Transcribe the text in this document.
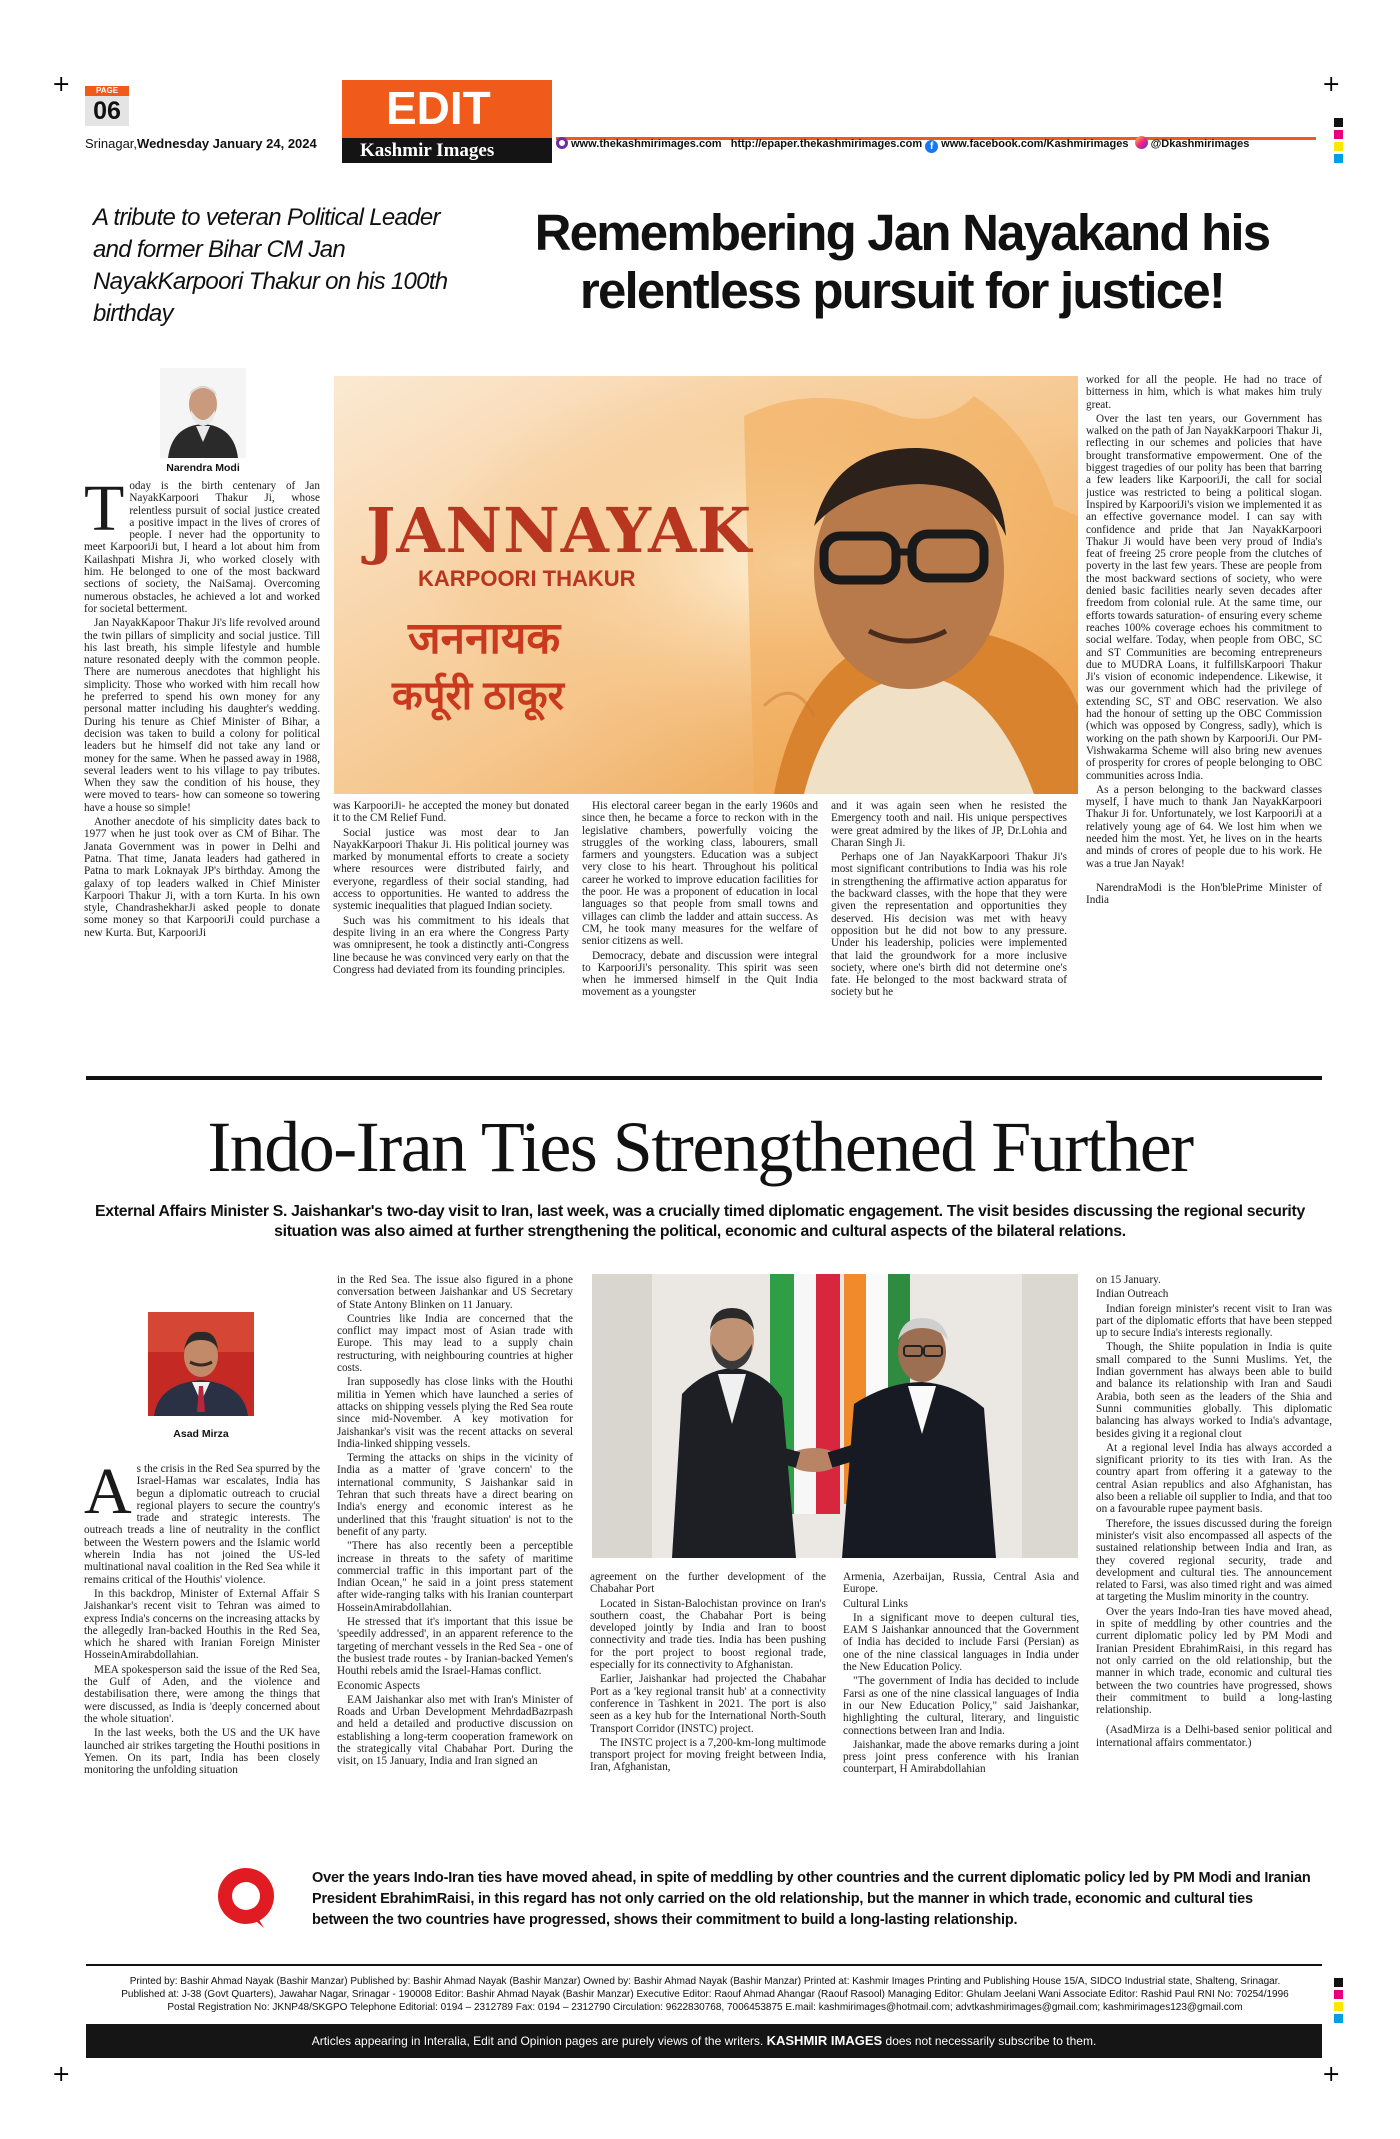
+	+
+	+
PAGE
06
Srinagar,Wednesday January 24, 2024
EDIT
Kashmir Images	www.thekashmirimages.com http://epaper.thekashmirimages.com f www.facebook.com/Kashmirimages @Dkashmirimages
A tribute to veteran Political Leader and former Bihar CM Jan NayakKarpoori Thakur on his 100th birthday
Remembering Jan Nayakand his relentless pursuit for justice!
Narendra Modi
JANNAYAK
KARPOORI THAKUR
जननायक
कर्पूरी ठाकूर
T oday is the birth centenary of Jan NayakKarpoori Thakur Ji, whose relentless pursuit of social justice created a positive impact in the lives of crores of people. I never had the opportunity to meet KarpooriJi but, I heard a lot about him from Kailashpati Mishra Ji, who worked closely with him. He belonged to one of the most backward sections of society, the NaiSamaj. Overcoming numerous obstacles, he achieved a lot and worked for societal betterment.

Jan NayakKapoor Thakur Ji's life revolved around the twin pillars of simplicity and social justice. Till his last breath, his simple lifestyle and humble nature resonated deeply with the common people. There are numerous anecdotes that highlight his simplicity. Those who worked with him recall how he preferred to spend his own money for any personal matter including his daughter's wedding. During his tenure as Chief Minister of Bihar, a decision was taken to build a colony for political leaders but he himself did not take any land or money for the same. When he passed away in 1988, several leaders went to his village to pay tributes. When they saw the condition of his house, they were moved to tears- how can someone so towering have a house so simple!

Another anecdote of his simplicity dates back to 1977 when he just took over as CM of Bihar. The Janata Government was in power in Delhi and Patna. That time, Janata leaders had gathered in Patna to mark Loknayak JP's birthday. Among the galaxy of top leaders walked in Chief Minister Karpoori Thakur Ji, with a torn Kurta. In his own style, ChandrashekharJi asked people to donate some money so that KarpooriJi could purchase a new Kurta. But, KarpooriJi

was KarpooriJi- he accepted the money but donated it to the CM Relief Fund.

Social justice was most dear to Jan NayakKarpoori Thakur Ji. His political journey was marked by monumental efforts to create a society where resources were distributed fairly, and everyone, regardless of their social standing, had access to opportunities. He wanted to address the systemic inequalities that plagued Indian society.

Such was his commitment to his ideals that despite living in an era where the Congress Party was omnipresent, he took a distinctly anti-Congress line because he was convinced very early on that the Congress had deviated from its founding principles.

His electoral career began in the early 1960s and since then, he became a force to reckon with in the legislative chambers, powerfully voicing the struggles of the working class, labourers, small farmers and youngsters. Education was a subject very close to his heart. Throughout his political career he worked to improve education facilities for the poor. He was a proponent of education in local languages so that people from small towns and villages can climb the ladder and attain success. As CM, he took many measures for the welfare of senior citizens as well.

Democracy, debate and discussion were integral to KarpooriJi's personality. This spirit was seen when he immersed himself in the Quit India movement as a youngster

and it was again seen when he resisted the Emergency tooth and nail. His unique perspectives were great admired by the likes of JP, Dr.Lohia and Charan Singh Ji.

Perhaps one of Jan NayakKarpoori Thakur Ji's most significant contributions to India was his role in strengthening the affirmative action apparatus for the backward classes, with the hope that they were given the representation and opportunities they deserved. His decision was met with heavy opposition but he did not bow to any pressure. Under his leadership, policies were implemented that laid the groundwork for a more inclusive society, where one's birth did not determine one's fate. He belonged to the most backward strata of society but he

worked for all the people. He had no trace of bitterness in him, which is what makes him truly great.

Over the last ten years, our Government has walked on the path of Jan NayakKarpoori Thakur Ji, reflecting in our schemes and policies that have brought transformative empowerment. One of the biggest tragedies of our polity has been that barring a few leaders like KarpooriJi, the call for social justice was restricted to being a political slogan. Inspired by KarpooriJi's vision we implemented it as an effective governance model. I can say with confidence and pride that Jan NayakKarpoori Thakur Ji would have been very proud of India's feat of freeing 25 crore people from the clutches of poverty in the last few years. These are people from the most backward sections of society, who were denied basic facilities nearly seven decades after freedom from colonial rule. At the same time, our efforts towards saturation- of ensuring every scheme reaches 100% coverage echoes his commitment to social welfare. Today, when people from OBC, SC and ST Communities are becoming entrepreneurs due to MUDRA Loans, it fulfillsKarpoori Thakur Ji's vision of economic independence. Likewise, it was our government which had the privilege of extending SC, ST and OBC reservation. We also had the honour of setting up the OBC Commission (which was opposed by Congress, sadly), which is working on the path shown by KarpooriJi. Our PM-Vishwakarma Scheme will also bring new avenues of prosperity for crores of people belonging to OBC communities across India.

As a person belonging to the backward classes myself, I have much to thank Jan NayakKarpoori Thakur Ji for. Unfortunately, we lost KarpooriJi at a relatively young age of 64. We lost him when we needed him the most. Yet, he lives on in the hearts and minds of crores of people due to his work. He was a true Jan Nayak!

NarendraModi is the Hon'blePrime Minister of India

Indo-Iran Ties Strengthened Further
External Affairs Minister S. Jaishankar's two-day visit to Iran, last week, was a crucially timed diplomatic engagement. The visit besides discussing the regional security situation was also aimed at further strengthening the political, economic and cultural aspects of the bilateral relations.
Asad Mirza
A s the crisis in the Red Sea spurred by the Israel-Hamas war escalates, India has begun a diplomatic outreach to crucial regional players to secure the country's trade and strategic interests. The outreach treads a line of neutrality in the conflict between the Western powers and the Islamic world wherein India has not joined the US-led multinational naval coalition in the Red Sea while it remains critical of the Houthis' violence.

In this backdrop, Minister of External Affair S Jaishankar's recent visit to Tehran was aimed to express India's concerns on the increasing attacks by the allegedly Iran-backed Houthis in the Red Sea, which he shared with Iranian Foreign Minister HosseinAmirabdollahian.

MEA spokesperson said the issue of the Red Sea, the Gulf of Aden, and the violence and destabilisation there, were among the things that were discussed, as India is 'deeply concerned about the whole situation'.

In the last weeks, both the US and the UK have launched air strikes targeting the Houthi positions in Yemen. On its part, India has been closely monitoring the unfolding situation

in the Red Sea. The issue also figured in a phone conversation between Jaishankar and US Secretary of State Antony Blinken on 11 January.

Countries like India are concerned that the conflict may impact most of Asian trade with Europe. This may lead to a supply chain restructuring, with neighbouring countries at higher costs.

Iran supposedly has close links with the Houthi militia in Yemen which have launched a series of attacks on shipping vessels plying the Red Sea route since mid-November. A key motivation for Jaishankar's visit was the recent attacks on several India-linked shipping vessels.

Terming the attacks on ships in the vicinity of India as a matter of 'grave concern' to the international community, S Jaishankar said in Tehran that such threats have a direct bearing on India's energy and economic interest as he underlined that this 'fraught situation' is not to the benefit of any party.

"There has also recently been a perceptible increase in threats to the safety of maritime commercial traffic in this important part of the Indian Ocean," he said in a joint press statement after wide-ranging talks with his Iranian counterpart HosseinAmirabdollahian.

He stressed that it's important that this issue be 'speedily addressed', in an apparent reference to the targeting of merchant vessels in the Red Sea - one of the busiest trade routes - by Iranian-backed Yemen's Houthi rebels amid the Israel-Hamas conflict.

Economic Aspects

EAM Jaishankar also met with Iran's Minister of Roads and Urban Development MehrdadBazrpash and held a detailed and productive discussion on establishing a long-term cooperation framework on the strategically vital Chabahar Port. During the visit, on 15 January, India and Iran signed an

agreement on the further development of the Chabahar Port

Located in Sistan-Balochistan province on Iran's southern coast, the Chabahar Port is being developed jointly by India and Iran to boost connectivity and trade ties. India has been pushing for the port project to boost regional trade, especially for its connectivity to Afghanistan.

Earlier, Jaishankar had projected the Chabahar Port as a 'key regional transit hub' at a connectivity conference in Tashkent in 2021. The port is also seen as a key hub for the International North-South Transport Corridor (INSTC) project.

The INSTC project is a 7,200-km-long multimode transport project for moving freight between India, Iran, Afghanistan,

Armenia, Azerbaijan, Russia, Central Asia and Europe.

Cultural Links

In a significant move to deepen cultural ties, EAM S Jaishankar announced that the Government of India has decided to include Farsi (Persian) as one of the nine classical languages in India under the New Education Policy.

"The government of India has decided to include Farsi as one of the nine classical languages of India in our New Education Policy," said Jaishankar, highlighting the cultural, literary, and linguistic connections between Iran and India.

Jaishankar, made the above remarks during a joint press joint press conference with his Iranian counterpart, H Amirabdollahian

on 15 January.

Indian Outreach

Indian foreign minister's recent visit to Iran was part of the diplomatic efforts that have been stepped up to secure India's interests regionally.

Though, the Shiite population in India is quite small compared to the Sunni Muslims. Yet, the Indian government has always been able to build and balance its relationship with Iran and Saudi Arabia, both seen as the leaders of the Shia and Sunni communities globally. This diplomatic balancing has always worked to India's advantage, besides giving it a regional clout

At a regional level India has always accorded a significant priority to its ties with Iran. As the country apart from offering it a gateway to the central Asian republics and also Afghanistan, has also been a reliable oil supplier to India, and that too on a favourable rupee payment basis.

Therefore, the issues discussed during the foreign minister's visit also encompassed all aspects of the sustained relationship between India and Iran, as they covered regional security, trade and development and cultural ties. The announcement related to Farsi, was also timed right and was aimed at targeting the Muslim minority in the country.

Over the years Indo-Iran ties have moved ahead, in spite of meddling by other countries and the current diplomatic policy led by PM Modi and Iranian President EbrahimRaisi, in this regard has not only carried on the old relationship, but the manner in which trade, economic and cultural ties between the two countries have progressed, shows their commitment to build a long-lasting relationship.

(AsadMirza is a Delhi-based senior political and international affairs commentator.)

Over the years Indo-Iran ties have moved ahead, in spite of meddling by other countries and the current diplomatic policy led by PM Modi and Iranian President EbrahimRaisi, in this regard has not only carried on the old relationship, but the manner in which trade, economic and cultural ties between the two countries have progressed, shows their commitment to build a long-lasting relationship.
Printed by: Bashir Ahmad Nayak (Bashir Manzar) Published by: Bashir Ahmad Nayak (Bashir Manzar) Owned by: Bashir Ahmad Nayak (Bashir Manzar) Printed at: Kashmir Images Printing and Publishing House 15/A, SIDCO Industrial state, Shalteng, Srinagar.
Published at: J-38 (Govt Quarters), Jawahar Nagar, Srinagar - 190008 Editor: Bashir Ahmad Nayak (Bashir Manzar) Executive Editor: Raouf Ahmad Ahangar (Raouf Rasool) Managing Editor: Ghulam Jeelani Wani Associate Editor: Rashid Paul RNI No: 70254/1996
Postal Registration No: JKNP48/SKGPO Telephone Editorial: 0194 – 2312789 Fax: 0194 – 2312790 Circulation: 9622830768, 7006453875 E.mail: kashmirimages@hotmail.com; advtkashmirimages@gmail.com; kashmirimages123@gmail.com
Articles appearing in Interalia, Edit and Opinion pages are purely views of the writers. KASHMIR IMAGES does not necessarily subscribe to them.
